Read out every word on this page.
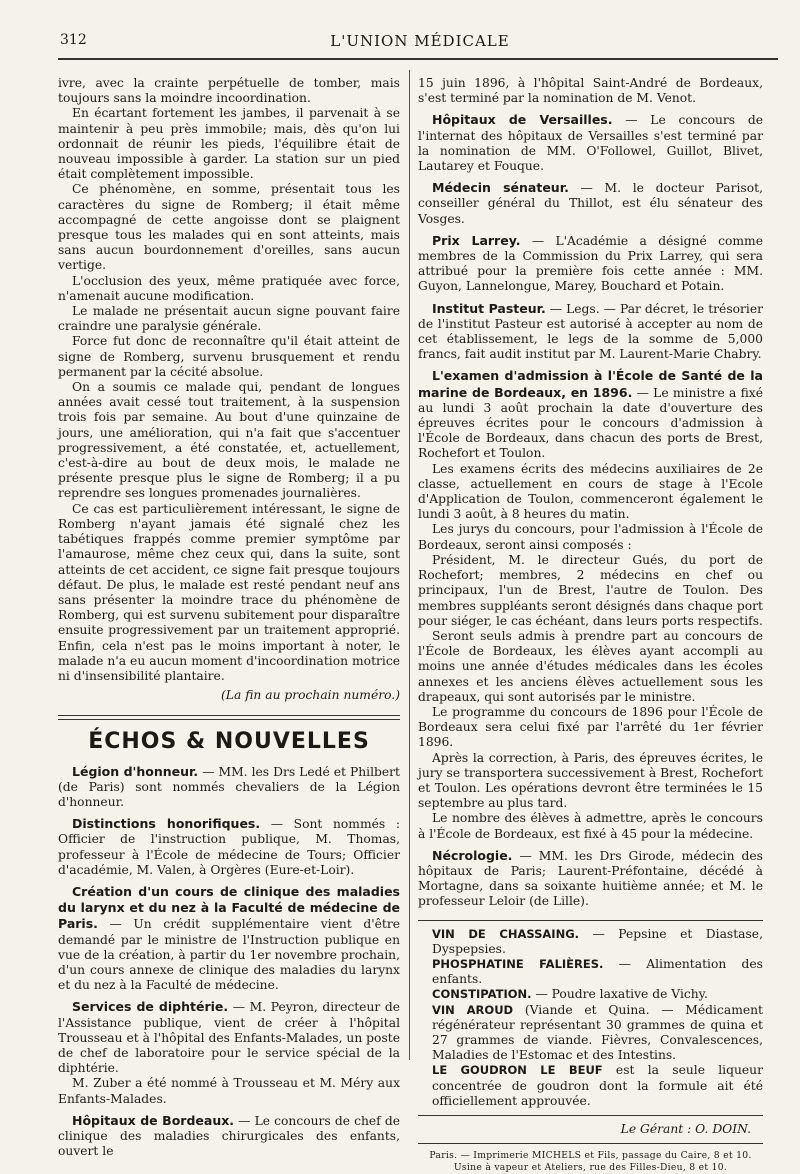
312	L'UNION MÉDICALE

ivre, avec la crainte perpétuelle de tomber, mais toujours sans la moindre incoordination.

En écartant fortement les jambes, il parvenait à se maintenir à peu près immobile; mais, dès qu'on lui ordonnait de réunir les pieds, l'équilibre était de nouveau impossible à garder. La station sur un pied était complètement impossible.

Ce phénomène, en somme, présentait tous les caractères du signe de Romberg; il était même accompagné de cette angoisse dont se plaignent presque tous les malades qui en sont atteints, mais sans aucun bourdonnement d'oreilles, sans aucun vertige.

L'occlusion des yeux, même pratiquée avec force, n'amenait aucune modification.

Le malade ne présentait aucun signe pouvant faire craindre une paralysie générale.

Force fut donc de reconnaître qu'il était atteint de signe de Romberg, survenu brusquement et rendu permanent par la cécité absolue.

On a soumis ce malade qui, pendant de longues années avait cessé tout traitement, à la suspension trois fois par semaine. Au bout d'une quinzaine de jours, une amélioration, qui n'a fait que s'accentuer progressivement, a été constatée, et, actuellement, c'est-à-dire au bout de deux mois, le malade ne présente presque plus le signe de Romberg; il a pu reprendre ses longues promenades journalières.

Ce cas est particulièrement intéressant, le signe de Romberg n'ayant jamais été signalé chez les tabétiques frappés comme premier symptôme par l'amaurose, même chez ceux qui, dans la suite, sont atteints de cet accident, ce signe fait presque toujours défaut. De plus, le malade est resté pendant neuf ans sans présenter la moindre trace du phénomène de Romberg, qui est survenu subitement pour disparaître ensuite progressivement par un traitement approprié. Enfin, cela n'est pas le moins important à noter, le malade n'a eu aucun moment d'incoordination motrice ni d'insensibilité plantaire.

(La fin au prochain numéro.)
ÉCHOS & NOUVELLES

Légion d'honneur. — MM. les Drs Ledé et Philbert (de Paris) sont nommés chevaliers de la Légion d'honneur.

Distinctions honorifiques. — Sont nommés : Officier de l'instruction publique, M. Thomas, professeur à l'École de médecine de Tours; Officier d'académie, M. Valen, à Orgères (Eure-et-Loir).

Création d'un cours de clinique des maladies du larynx et du nez à la Faculté de médecine de Paris. — Un crédit supplémentaire vient d'être demandé par le ministre de l'Instruction publique en vue de la création, à partir du 1er novembre prochain, d'un cours annexe de clinique des maladies du larynx et du nez à la Faculté de médecine.

Services de diphtérie. — M. Peyron, directeur de l'Assistance publique, vient de créer à l'hôpital Trousseau et à l'hôpital des Enfants-Malades, un poste de chef de laboratoire pour le service spécial de la diphtérie.

M. Zuber a été nommé à Trousseau et M. Méry aux Enfants-Malades.

Hôpitaux de Bordeaux. — Le concours de chef de clinique des maladies chirurgicales des enfants, ouvert le

15 juin 1896, à l'hôpital Saint-André de Bordeaux, s'est terminé par la nomination de M. Venot.

Hôpitaux de Versailles. — Le concours de l'internat des hôpitaux de Versailles s'est terminé par la nomination de MM. O'Followel, Guillot, Blivet, Lautarey et Fouque.

Médecin sénateur. — M. le docteur Parisot, conseiller général du Thillot, est élu sénateur des Vosges.

Prix Larrey. — L'Académie a désigné comme membres de la Commission du Prix Larrey, qui sera attribué pour la première fois cette année : MM. Guyon, Lannelongue, Marey, Bouchard et Potain.

Institut Pasteur. — Legs. — Par décret, le trésorier de l'institut Pasteur est autorisé à accepter au nom de cet établissement, le legs de la somme de 5,000 francs, fait audit institut par M. Laurent-Marie Chabry.

L'examen d'admission à l'École de Santé de la marine de Bordeaux, en 1896. — Le ministre a fixé au lundi 3 août prochain la date d'ouverture des épreuves écrites pour le concours d'admission à l'École de Bordeaux, dans chacun des ports de Brest, Rochefort et Toulon.

Les examens écrits des médecins auxiliaires de 2e classe, actuellement en cours de stage à l'Ecole d'Application de Toulon, commenceront également le lundi 3 août, à 8 heures du matin.

Les jurys du concours, pour l'admission à l'École de Bordeaux, seront ainsi composés :

Président, M. le directeur Gués, du port de Rochefort; membres, 2 médecins en chef ou principaux, l'un de Brest, l'autre de Toulon. Des membres suppléants seront désignés dans chaque port pour siéger, le cas échéant, dans leurs ports respectifs.

Seront seuls admis à prendre part au concours de l'École de Bordeaux, les élèves ayant accompli au moins une année d'études médicales dans les écoles annexes et les anciens élèves actuellement sous les drapeaux, qui sont autorisés par le ministre.

Le programme du concours de 1896 pour l'École de Bordeaux sera celui fixé par l'arrêté du 1er février 1896.

Après la correction, à Paris, des épreuves écrites, le jury se transportera successivement à Brest, Rochefort et Toulon. Les opérations devront être terminées le 15 septembre au plus tard.

Le nombre des élèves à admettre, après le concours à l'École de Bordeaux, est fixé à 45 pour la médecine.

Nécrologie. — MM. les Drs Girode, médecin des hôpitaux de Paris; Laurent-Préfontaine, décédé à Mortagne, dans sa soixante huitième année; et M. le professeur Leloir (de Lille).

VIN DE CHASSAING. — Pepsine et Diastase, Dyspepsies.

PHOSPHATINE FALIÈRES. — Alimentation des enfants.

CONSTIPATION. — Poudre laxative de Vichy.

VIN AROUD (Viande et Quina. — Médicament régénérateur représentant 30 grammes de quina et 27 grammes de viande. Fièvres, Convalescences, Maladies de l'Estomac et des Intestins.

LE GOUDRON LE BEUF est la seule liqueur concentrée de goudron dont la formule ait été officiellement approuvée.

Le Gérant : O. DOIN.
Paris. — Imprimerie MICHELS et Fils, passage du Caire, 8 et 10.
Usine à vapeur et Ateliers, rue des Filles-Dieu, 8 et 10.
